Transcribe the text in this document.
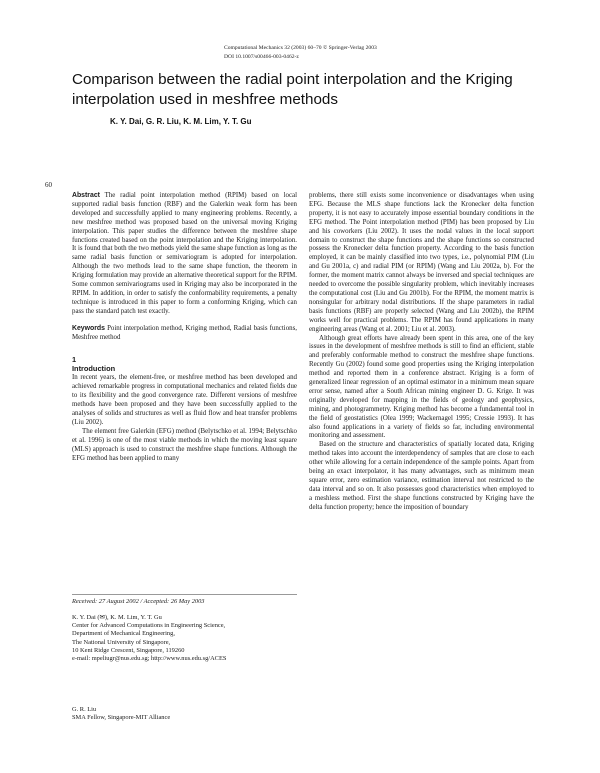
Computational Mechanics 32 (2003) 60–70 © Springer-Verlag 2003
DOI 10.1007/s00466-003-0462-z
Comparison between the radial point interpolation and the Kriging interpolation used in meshfree methods
K. Y. Dai, G. R. Liu, K. M. Lim, Y. T. Gu
60

Abstract The radial point interpolation method (RPIM) based on local supported radial basis function (RBF) and the Galerkin weak form has been developed and successfully applied to many engineering problems. Recently, a new meshfree method was proposed based on the universal moving Kriging interpolation. This paper studies the difference between the meshfree shape functions created based on the point interpolation and the Kriging interpolation. It is found that both the two methods yield the same shape function as long as the same radial basis function or semivariogram is adopted for interpolation. Although the two methods lead to the same shape function, the theorem in Kriging formulation may provide an alternative theoretical support for the RPIM. Some common semivariograms used in Kriging may also be incorporated in the RPIM. In addition, in order to satisfy the conformability requirements, a penalty technique is introduced in this paper to form a conforming Kriging, which can pass the standard patch test exactly.

Keywords Point interpolation method, Kriging method, Radial basis functions, Meshfree method

1

Introduction

In recent years, the element-free, or meshfree method has been developed and achieved remarkable progress in computational mechanics and related fields due to its flexibility and the good convergence rate. Different versions of meshfree methods have been proposed and they have been successfully applied to the analyses of solids and structures as well as fluid flow and heat transfer problems (Liu 2002).

The element free Galerkin (EFG) method (Belytschko et al. 1994; Belytschko et al. 1996) is one of the most viable methods in which the moving least square (MLS) approach is used to construct the meshfree shape functions. Although the EFG method has been applied to many

problems, there still exists some inconvenience or disadvantages when using EFG. Because the MLS shape functions lack the Kronecker delta function property, it is not easy to accurately impose essential boundary conditions in the EFG method. The Point interpolation method (PIM) has been proposed by Liu and his coworkers (Liu 2002). It uses the nodal values in the local support domain to construct the shape functions and the shape functions so constructed possess the Kronecker delta function property. According to the basis function employed, it can be mainly classified into two types, i.e., polynomial PIM (Liu and Gu 2001a, c) and radial PIM (or RPIM) (Wang and Liu 2002a, b). For the former, the moment matrix cannot always be inversed and special techniques are needed to overcome the possible singularity problem, which inevitably increases the computational cost (Liu and Gu 2001b). For the RPIM, the moment matrix is nonsingular for arbitrary nodal distributions. If the shape parameters in radial basis functions (RBF) are properly selected (Wang and Liu 2002b), the RPIM works well for practical problems. The RPIM has found applications in many engineering areas (Wang et al. 2001; Liu et al. 2003).

Although great efforts have already been spent in this area, one of the key issues in the development of meshfree methods is still to find an efficient, stable and preferably conformable method to construct the meshfree shape functions. Recently Gu (2002) found some good properties using the Kriging interpolation method and reported them in a conference abstract. Kriging is a form of generalized linear regression of an optimal estimator in a minimum mean square error sense, named after a South African mining engineer D. G. Krige. It was originally developed for mapping in the fields of geology and geophysics, mining, and photogrammetry. Kriging method has become a fundamental tool in the field of geostatistics (Olea 1999; Wackernagel 1995; Cressie 1993). It has also found applications in a variety of fields so far, including environmental monitoring and assessment.

Based on the structure and characteristics of spatially located data, Kriging method takes into account the interdependency of samples that are close to each other while allowing for a certain independence of the sample points. Apart from being an exact interpolator, it has many advantages, such as minimum mean square error, zero estimation variance, estimation interval not restricted to the data interval and so on. It also possesses good characteristics when employed to a meshless method. First the shape functions constructed by Kriging have the delta function property; hence the imposition of boundary

Received: 27 August 2002 / Accepted: 26 May 2003

K. Y. Dai (✉), K. M. Lim, Y. T. Gu

Center for Advanced Computations in Engineering Science,

Department of Mechanical Engineering,

The National University of Singapore,

10 Kent Ridge Crescent, Singapore, 119260

e-mail: mpeliugr@nus.edu.sg; http://www.nus.edu.sg/ACES

G. R. Liu

SMA Fellow, Singapore-MIT Alliance
